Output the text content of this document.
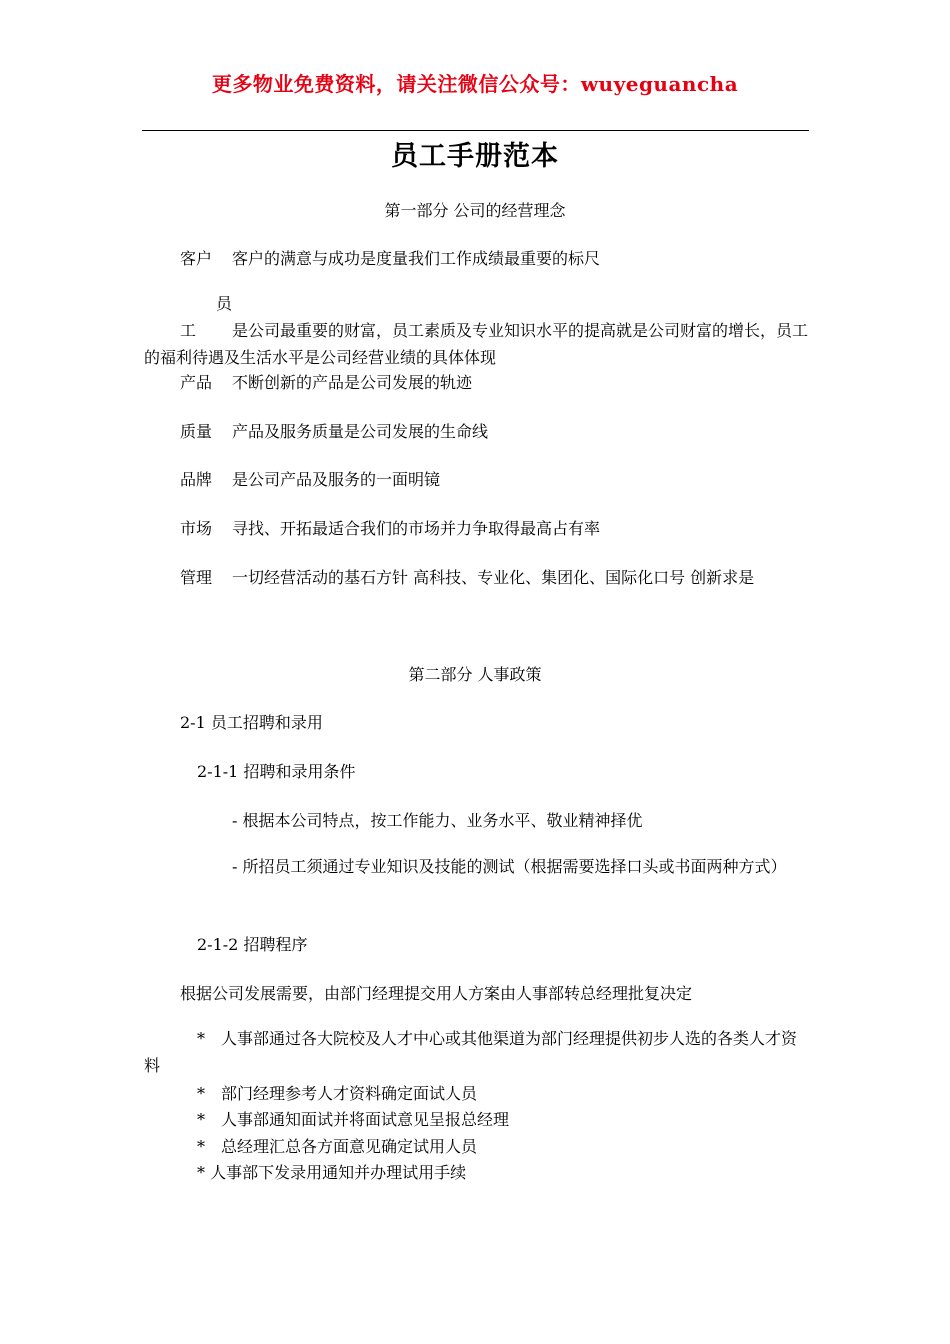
更多物业免费资料，请关注微信公众号：wuyeguancha
员工手册范本
第一部分 公司的经营理念
客户 客户的满意与成功是度量我们工作成绩最重要的标尺
员工 是公司最重要的财富，员工素质及专业知识水平的提高就是公司财富的增长，员工的福利待遇及生活水平是公司经营业绩的具体体现
产品 不断创新的产品是公司发展的轨迹
质量 产品及服务质量是公司发展的生命线
品牌 是公司产品及服务的一面明镜
市场 寻找、开拓最适合我们的市场并力争取得最高占有率
管理 一切经营活动的基石方针 高科技、专业化、集团化、国际化口号 创新求是
第二部分 人事政策
2-1 员工招聘和录用
2-1-1 招聘和录用条件
- 根据本公司特点，按工作能力、业务水平、敬业精神择优
- 所招员工须通过专业知识及技能的测试（根据需要选择口头或书面两种方式）
2-1-2 招聘程序
根据公司发展需要，由部门经理提交用人方案由人事部转总经理批复决定
*　人事部通过各大院校及人才中心或其他渠道为部门经理提供初步人选的各类人才资料
*　部门经理参考人才资料确定面试人员
*　人事部通知面试并将面试意见呈报总经理
*　总经理汇总各方面意见确定试用人员
* 人事部下发录用通知并办理试用手续
